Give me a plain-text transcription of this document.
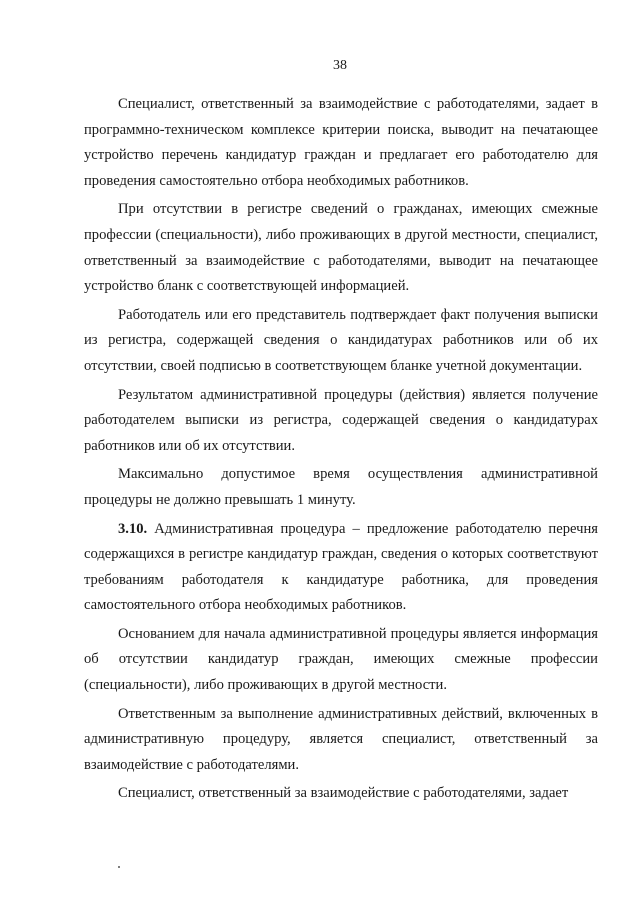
38

Специалист, ответственный за взаимодействие с работодателями, задает в программно-техническом комплексе критерии поиска, выводит на печатающее устройство перечень кандидатур граждан и предлагает его работодателю для проведения самостоятельно отбора необходимых работников.

При отсутствии в регистре сведений о гражданах, имеющих смежные профессии (специальности), либо проживающих в другой местности, специалист, ответственный за взаимодействие с работодателями, выводит на печатающее устройство бланк с соответствующей информацией.

Работодатель или его представитель подтверждает факт получения выписки из регистра, содержащей сведения о кандидатурах работников или об их отсутствии, своей подписью в соответствующем бланке учетной документации.

Результатом административной процедуры (действия) является получение работодателем выписки из регистра, содержащей сведения о кандидатурах работников или об их отсутствии.

Максимально допустимое время осуществления административной процедуры не должно превышать 1 минуту.

3.10. Административная процедура – предложение работодателю перечня содержащихся в регистре кандидатур граждан, сведения о которых соответствуют требованиям работодателя к кандидатуре работника, для проведения самостоятельного отбора необходимых работников.

Основанием для начала административной процедуры является информация об отсутствии кандидатур граждан, имеющих смежные профессии (специальности), либо проживающих в другой местности.

Ответственным за выполнение административных действий, включенных в административную процедуру, является специалист, ответственный за взаимодействие с работодателями.

Специалист, ответственный за взаимодействие с работодателями, задает
